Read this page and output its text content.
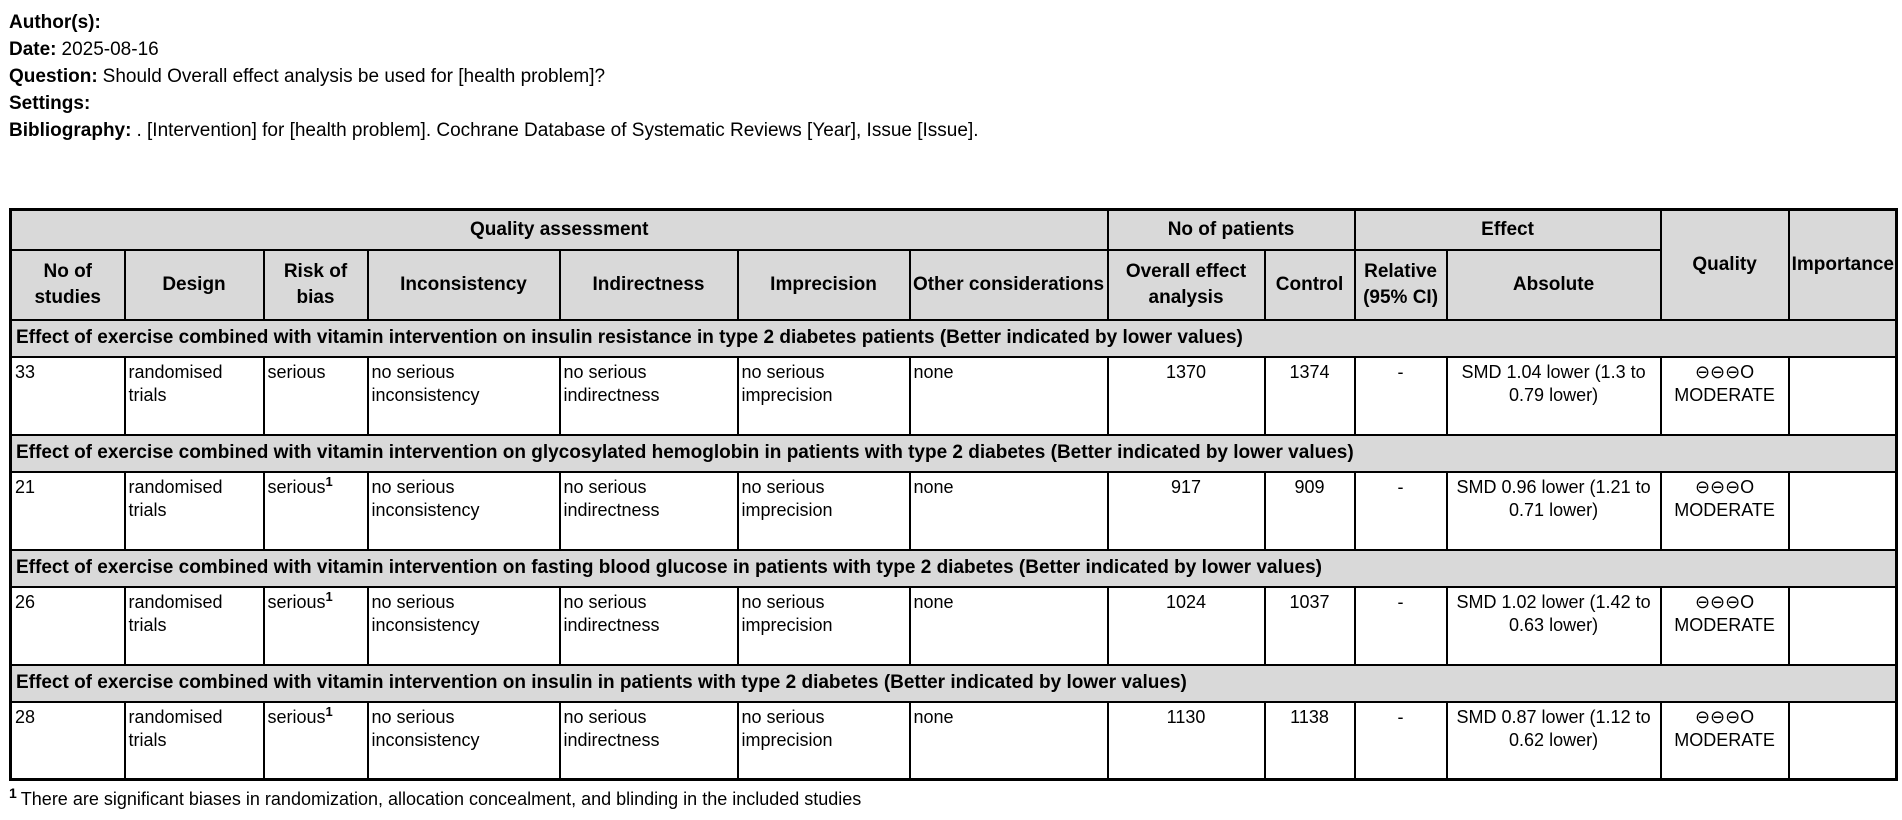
Author(s):
Date: 2025-08-16
Question: Should Overall effect analysis be used for [health problem]?
Settings:
Bibliography: . [Intervention] for [health problem]. Cochrane Database of Systematic Reviews [Year], Issue [Issue].
Quality assessment							No of patients		Effect		Quality	Importance
No of studies	Design	Risk of bias	Inconsistency	Indirectness	Imprecision	Other considerations	Overall effect analysis	Control	Relative (95% CI)	Absolute		
Effect of exercise combined with vitamin intervention on insulin resistance in type 2 diabetes patients (Better indicated by lower values)												
33	randomised trials	serious	no serious inconsistency	no serious indirectness	no serious imprecision	none	1370	1374	-	SMD 1.04 lower (1.3 to 0.79 lower)	⊖⊖⊖O
MODERATE	

Effect of exercise combined with vitamin intervention on glycosylated hemoglobin in patients with type 2 diabetes (Better indicated by lower values)												
21	randomised trials	serious$^1$	no serious inconsistency	no serious indirectness	no serious imprecision	none	917	909	-	SMD 0.96 lower (1.21 to 0.71 lower)	⊖⊖⊖O
MODERATE	

Effect of exercise combined with vitamin intervention on fasting blood glucose in patients with type 2 diabetes (Better indicated by lower values)												
26	randomised trials	serious$^1$	no serious inconsistency	no serious indirectness	no serious imprecision	none	1024	1037	-	SMD 1.02 lower (1.42 to 0.63 lower)	⊖⊖⊖O
MODERATE	

Effect of exercise combined with vitamin intervention on insulin in patients with type 2 diabetes (Better indicated by lower values)												
28	randomised trials	serious$^1$	no serious inconsistency	no serious indirectness	no serious imprecision	none	1130	1138	-	SMD 0.87 lower (1.12 to 0.62 lower)	⊖⊖⊖O
MODERATE	

$^1$ There are significant biases in randomization, allocation concealment, and blinding in the included studies
